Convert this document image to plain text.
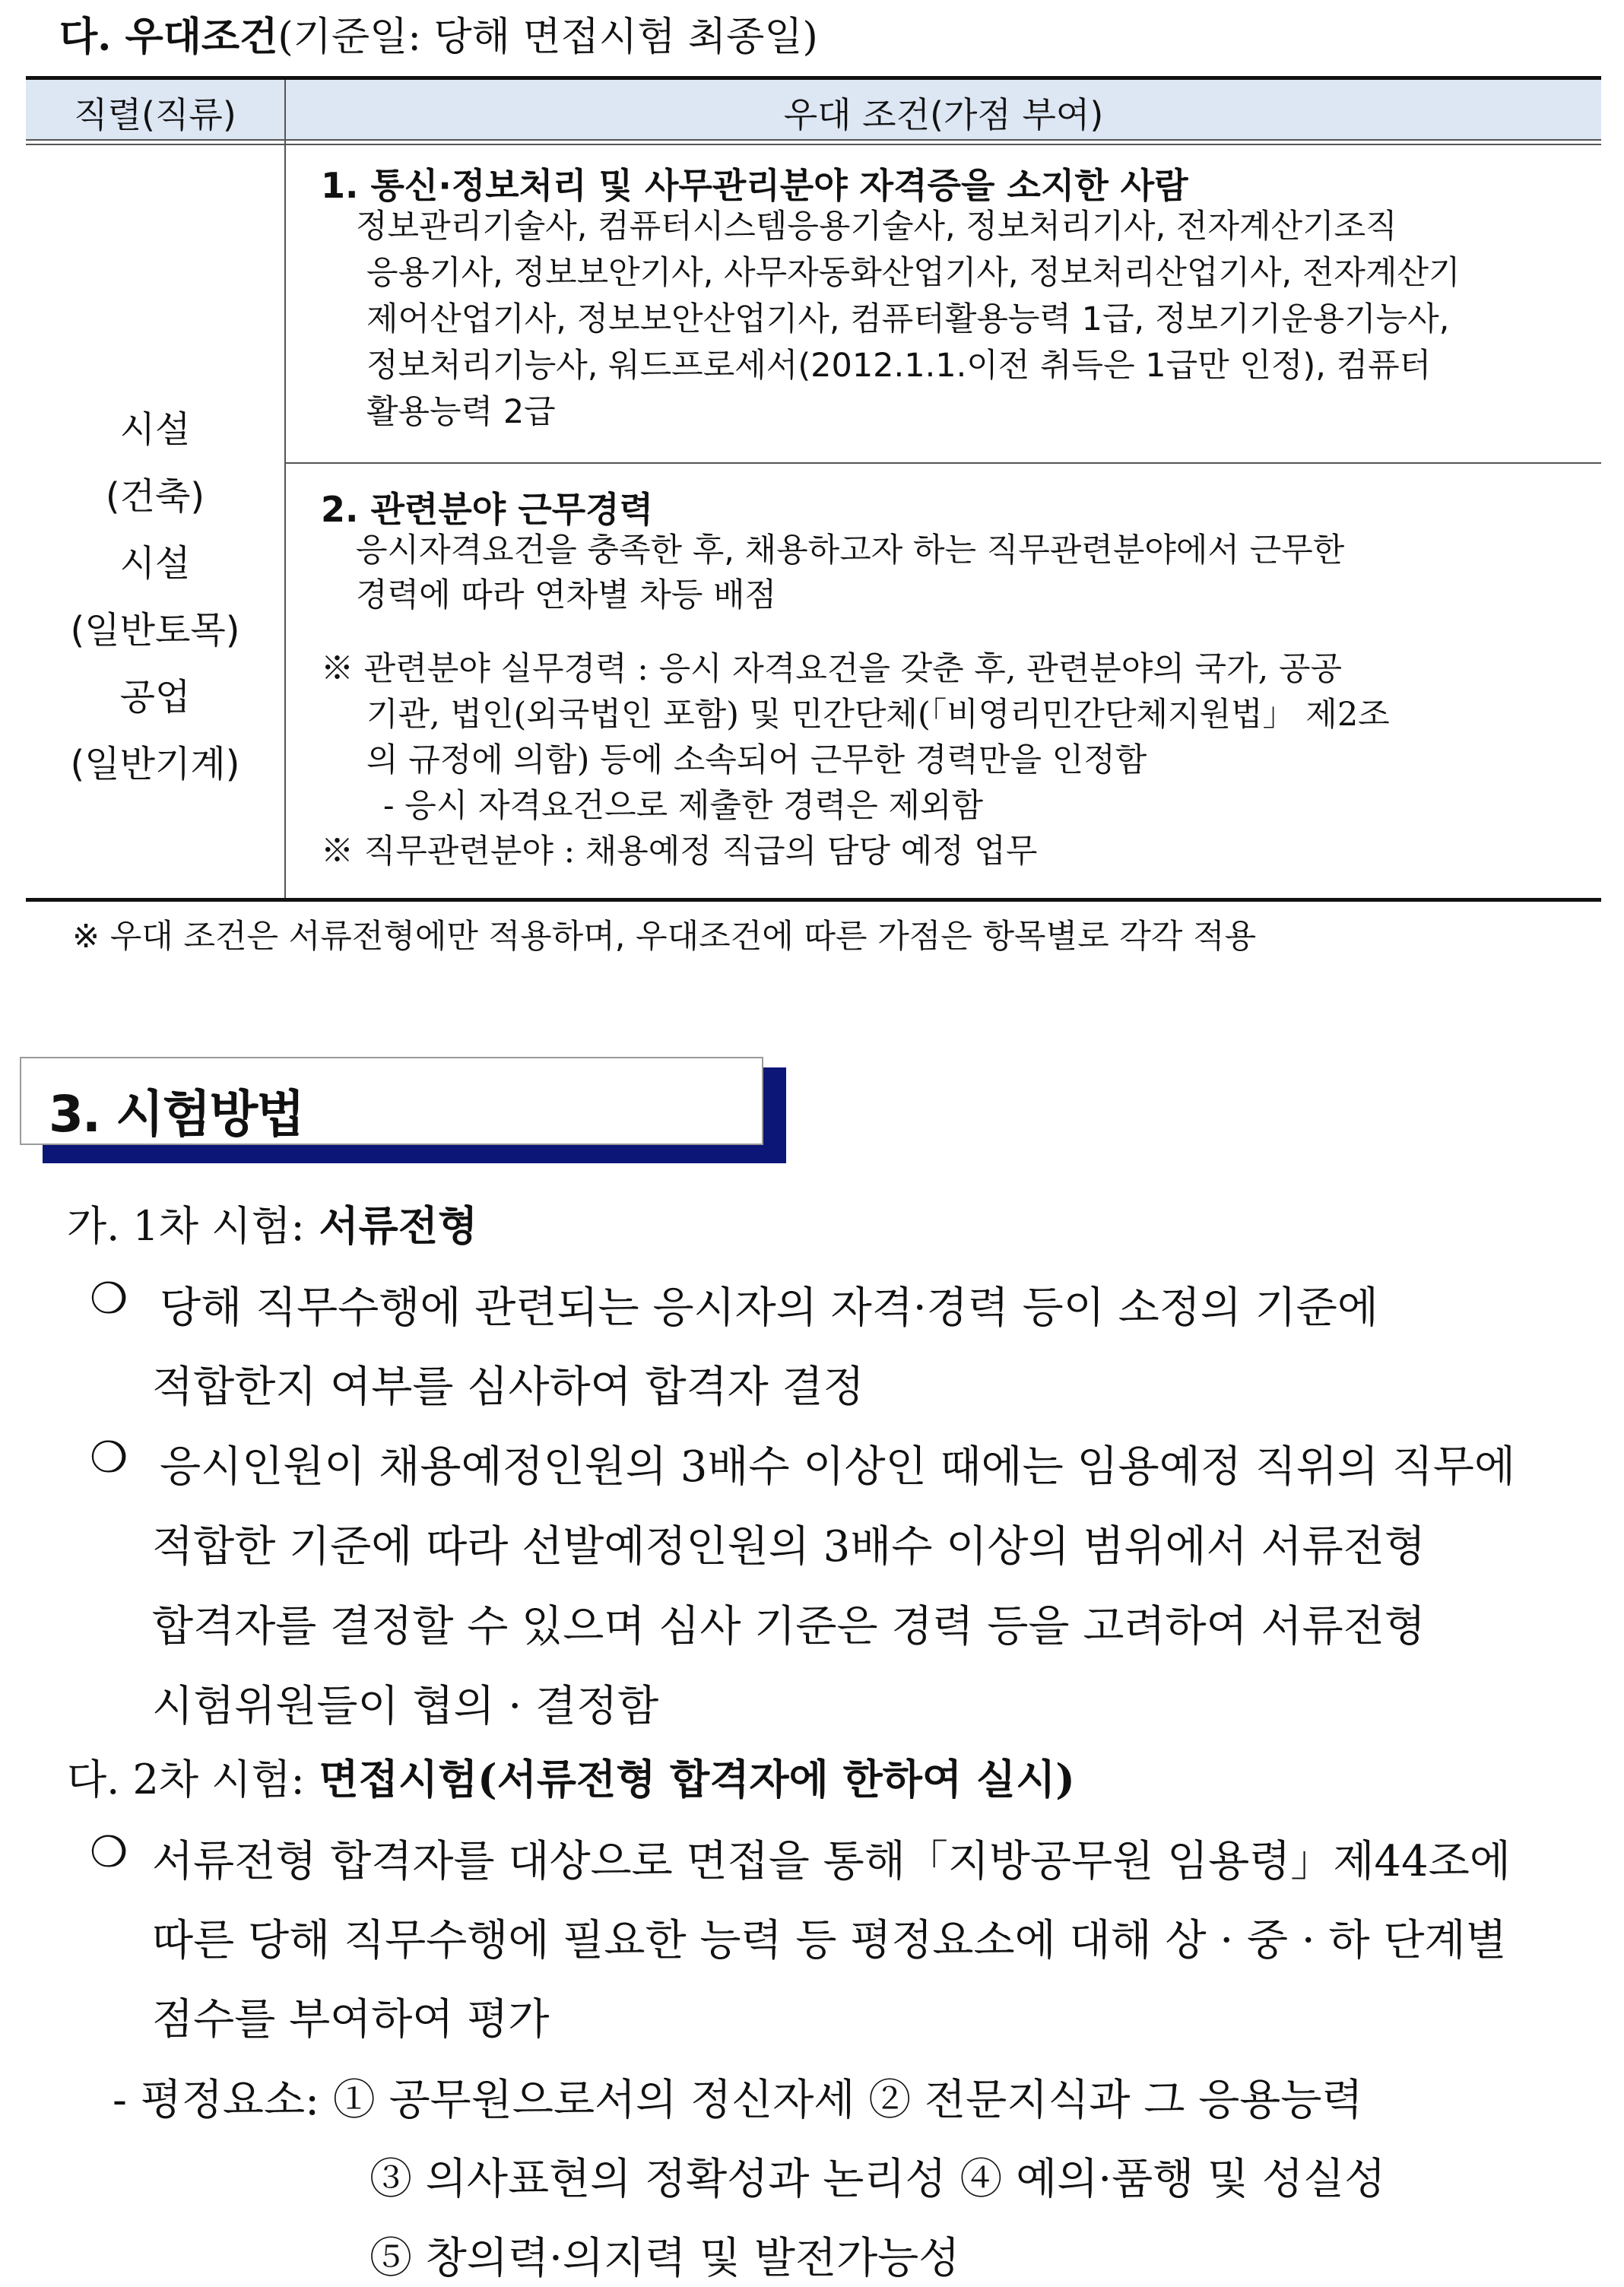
다. 우대조건(기준일: 당해 면접시험 최종일)
직렬(직류)	우대 조건(가점 부여)
시설
(건축)
시설
(일반토목)
공업
(일반기계)
1. 통신·정보처리 및 사무관리분야 자격증을 소지한 사람
정보관리기술사, 컴퓨터시스템응용기술사, 정보처리기사, 전자계산기조직
응용기사, 정보보안기사, 사무자동화산업기사, 정보처리산업기사, 전자계산기
제어산업기사, 정보보안산업기사, 컴퓨터활용능력 1급, 정보기기운용기능사,
정보처리기능사, 워드프로세서(2012.1.1.이전 취득은 1급만 인정), 컴퓨터
활용능력 2급
2. 관련분야 근무경력
응시자격요건을 충족한 후, 채용하고자 하는 직무관련분야에서 근무한
경력에 따라 연차별 차등 배점
※ 관련분야 실무경력 : 응시 자격요건을 갖춘 후, 관련분야의 국가, 공공
기관, 법인(외국법인 포함) 및 민간단체(「비영리민간단체지원법」 제2조
의 규정에 의함) 등에 소속되어 근무한 경력만을 인정함
- 응시 자격요건으로 제출한 경력은 제외함
※ 직무관련분야 : 채용예정 직급의 담당 예정 업무
※ 우대 조건은 서류전형에만 적용하며, 우대조건에 따른 가점은 항목별로 각각 적용
3. 시험방법
가. 1차 시험: 서류전형
❍ 당해 직무수행에 관련되는 응시자의 자격·경력 등이 소정의 기준에
적합한지 여부를 심사하여 합격자 결정
❍ 응시인원이 채용예정인원의 3배수 이상인 때에는 임용예정 직위의 직무에
적합한 기준에 따라 선발예정인원의 3배수 이상의 범위에서 서류전형
합격자를 결정할 수 있으며 심사 기준은 경력 등을 고려하여 서류전형
시험위원들이 협의 · 결정함
다. 2차 시험: 면접시험(서류전형 합격자에 한하여 실시)
❍ 서류전형 합격자를 대상으로 면접을 통해「지방공무원 임용령」제44조에
따른 당해 직무수행에 필요한 능력 등 평정요소에 대해 상 · 중 · 하 단계별
점수를 부여하여 평가
- 평정요소: ① 공무원으로서의 정신자세 ② 전문지식과 그 응용능력
③ 의사표현의 정확성과 논리성 ④ 예의·품행 및 성실성
⑤ 창의력·의지력 및 발전가능성
